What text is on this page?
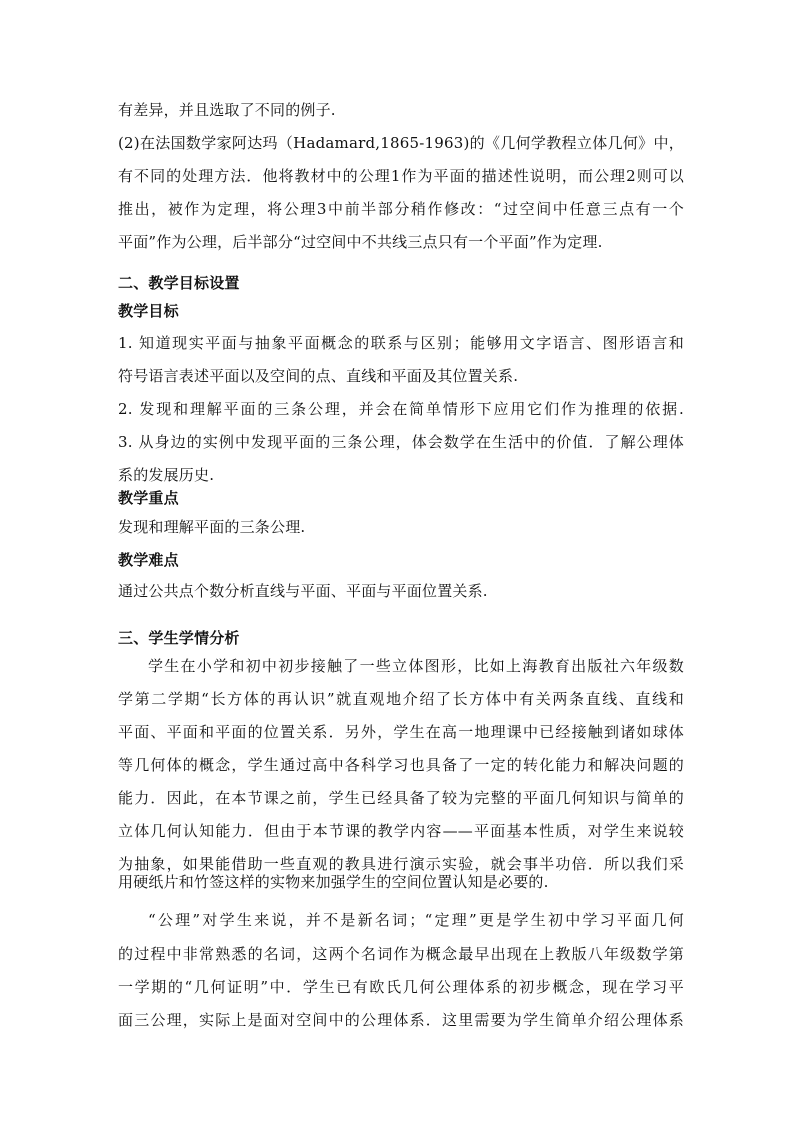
有差异，并且选取了不同的例子.
(2)在法国数学家阿达玛（Hadamard,1865-1963)的《几何学教程立体几何》中，
有不同的处理方法．他将教材中的公理1作为平面的描述性说明，而公理2则可以
推出，被作为定理，将公理3中前半部分稍作修改：“过空间中任意三点有一个
平面”作为公理，后半部分“过空间中不共线三点只有一个平面”作为定理.
二、教学目标设置
教学目标
1. 知道现实平面与抽象平面概念的联系与区别；能够用文字语言、图形语言和
符号语言表述平面以及空间的点、直线和平面及其位置关系.
2. 发现和理解平面的三条公理，并会在简单情形下应用它们作为推理的依据.
3. 从身边的实例中发现平面的三条公理，体会数学在生活中的价值．了解公理体
系的发展历史.
教学重点
发现和理解平面的三条公理.
教学难点
通过公共点个数分析直线与平面、平面与平面位置关系.
三、学生学情分析
学生在小学和初中初步接触了一些立体图形，比如上海教育出版社六年级数
学第二学期“长方体的再认识”就直观地介绍了长方体中有关两条直线、直线和
平面、平面和平面的位置关系．另外，学生在高一地理课中已经接触到诸如球体
等几何体的概念，学生通过高中各科学习也具备了一定的转化能力和解决问题的
能力．因此，在本节课之前，学生已经具备了较为完整的平面几何知识与简单的
立体几何认知能力．但由于本节课的教学内容——平面基本性质，对学生来说较
为抽象，如果能借助一些直观的教具进行演示实验，就会事半功倍．所以我们采
用硬纸片和竹签这样的实物来加强学生的空间位置认知是必要的.
“公理”对学生来说，并不是新名词；“定理”更是学生初中学习平面几何
的过程中非常熟悉的名词，这两个名词作为概念最早出现在上教版八年级数学第
一学期的“几何证明”中．学生已有欧氏几何公理体系的初步概念，现在学习平
面三公理，实际上是面对空间中的公理体系．这里需要为学生简单介绍公理体系
